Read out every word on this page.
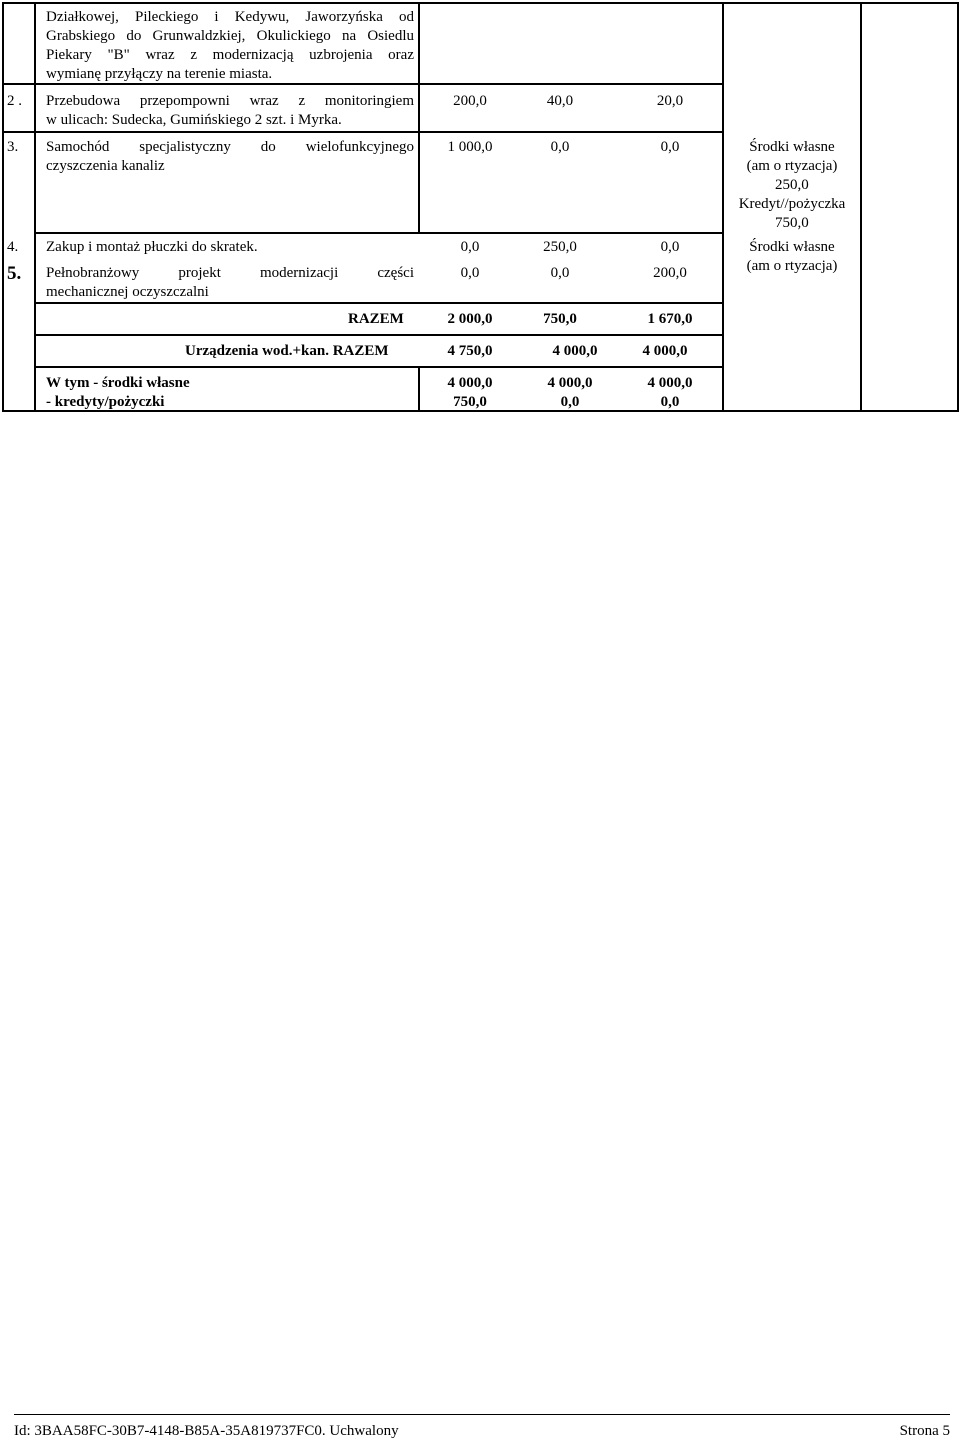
Działkowej, Pileckiego i Kedywu, Jaworzyńska od
Grabskiego do Grunwaldzkiej, Okulickiego na Osiedlu
Piekary "B" wraz z modernizacją uzbrojenia oraz
wymianę przyłączy na terenie miasta.
2 . Przebudowa przepompowni wraz z monitoringiem
w ulicach: Sudecka, Gumińskiego 2 szt. i Myrka.
200,0	40,0	20,0
3. Samochód specjalistyczny do wielofunkcyjnego
czyszczenia kanaliz
1 000,0	0,0	0,0	Środki własne
(am o rtyzacja)
250,0
Kredyt//pożyczka
750,0
4. Zakup i montaż płuczki do skratek.	0,0	250,0	0,0	Środki własne
(am o rtyzacja)
5. Pełnobranżowy projekt modernizacji części
mechanicznej oczyszczalni
0,0	0,0	200,0
RAZEM	2 000,0	750,0	1 670,0
Urządzenia wod.+kan. RAZEM	4 750,0	4 000,0	4 000,0
W tym - środki własne
- kredyty/pożyczki
4 000,0	4 000,0	4 000,0
750,0	0,0	0,0
Id: 3BAA58FC-30B7-4148-B85A-35A819737FC0. Uchwalony	Strona 5
